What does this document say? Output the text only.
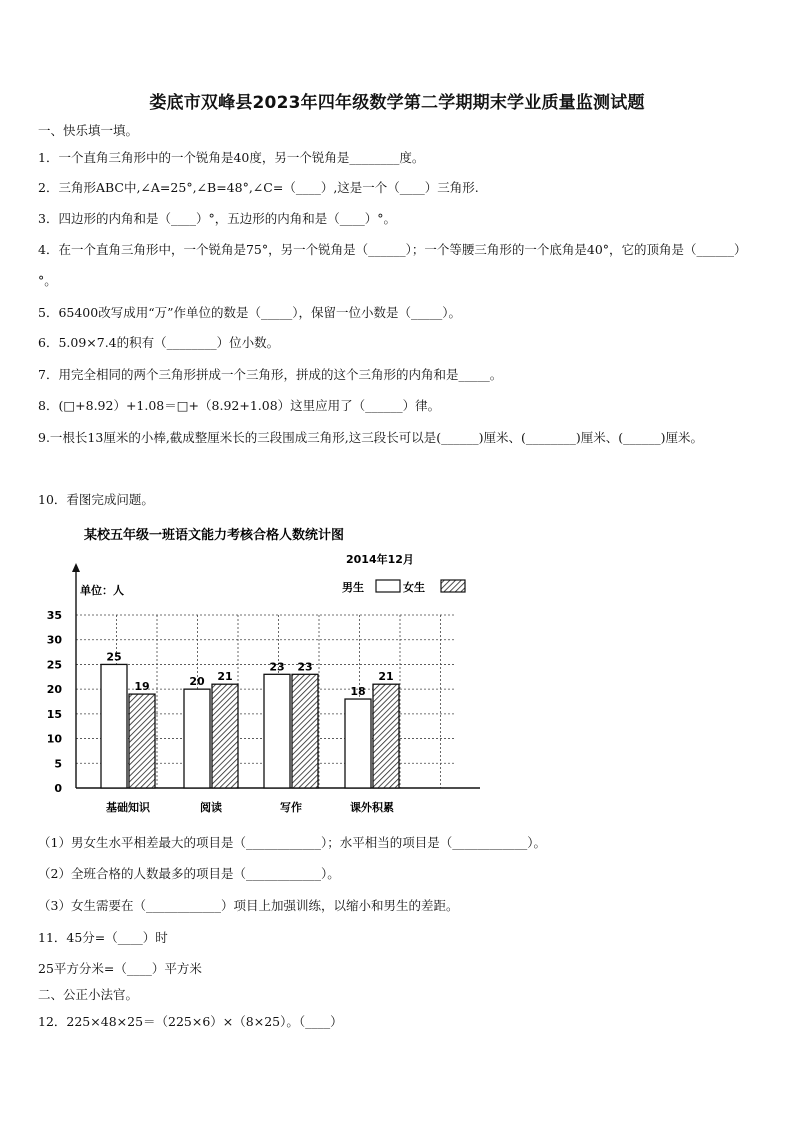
娄底市双峰县2023年四年级数学第二学期期末学业质量监测试题
一、快乐填一填。
1．一个直角三角形中的一个锐角是40度，另一个锐角是________度。
2．三角形ABC中,∠A=25°,∠B=48°,∠C=（____）,这是一个（____）三角形.
3．四边形的内角和是（____）°，五边形的内角和是（____）°。
4．在一个直角三角形中，一个锐角是75°，另一个锐角是（______）；一个等腰三角形的一个底角是40°，它的顶角是（______）°。
5．65400改写成用“万”作单位的数是（_____），保留一位小数是（_____）。
6．5.09×7.4的积有（________）位小数。
7．用完全相同的两个三角形拼成一个三角形，拼成的这个三角形的内角和是_____。
8．(□+8.92）+1.08＝□+（8.92+1.08）这里应用了（______）律。
9.一根长13厘米的小棒,截成整厘米长的三段围成三角形,这三段长可以是(______)厘米、(________)厘米、(______)厘米。
10．看图完成问题。
某校五年级一班语文能力考核合格人数统计图
2014年12月
单位：人	男生	女生
0
5
10
15
20
25
30
35
25
19
基础知识
20 21
阅读
23 23
写作
18
21
课外积累
（1）男女生水平相差最大的项目是（____________）；水平相当的项目是（____________）。
（2）全班合格的人数最多的项目是（____________）。
（3）女生需要在（____________）项目上加强训练，以缩小和男生的差距。
11．45分=（____）时
25平方分米=（____）平方米
二、公正小法官。
12．225×48×25＝（225×6）×（8×25）。（____）
